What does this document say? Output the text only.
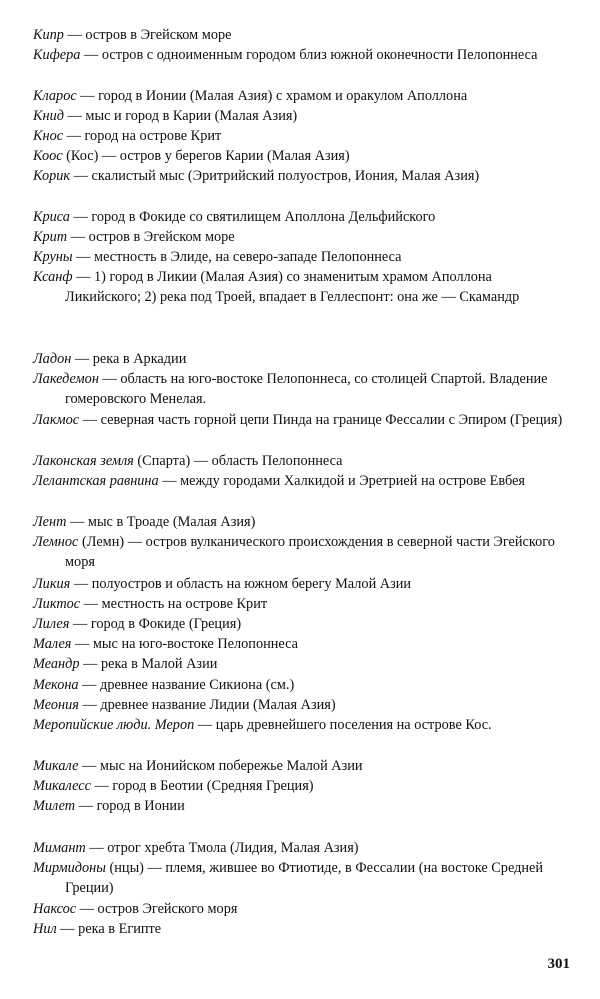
Кипр — остров в Эгейском море
Кифера — остров с одноименным городом близ южной оконечности Пелопоннеса
Кларос — город в Ионии (Малая Азия) с храмом и оракулом Аполлона
Книд — мыс и город в Карии (Малая Азия)
Кнос — город на острове Крит
Коос (Кос) — остров у берегов Карии (Малая Азия)
Корик — скалистый мыс (Эритрийский полуостров, Иония, Малая Азия)
Криса — город в Фокиде со святилищем Аполлона Дельфийского
Крит — остров в Эгейском море
Круны — местность в Элиде, на северо-западе Пелопоннеса
Ксанф — 1) город в Ликии (Малая Азия) со знаменитым храмом Аполлона Ликийского; 2) река под Троей, впадает в Геллеспонт: она же — Скамандр
Ладон — река в Аркадии
Лакедемон — область на юго-востоке Пелопоннеса, со столицей Спартой. Владение гомеровского Менелая.
Лакмос — северная часть горной цепи Пинда на границе Фессалии с Эпиром (Греция)
Лаконская земля (Спарта) — область Пелопоннеса
Лелантская равнина — между городами Халкидой и Эретрией на острове Евбея
Лент — мыс в Троаде (Малая Азия)
Лемнос (Лемн) — остров вулканического происхождения в северной части Эгейского моря
Ликия — полуостров и область на южном берегу Малой Азии
Ликтос — местность на острове Крит
Лилея — город в Фокиде (Греция)
Малея — мыс на юго-востоке Пелопоннеса
Меандр — река в Малой Азии
Мекона — древнее название Сикиона (см.)
Меония — древнее название Лидии (Малая Азия)
Меропийские люди. Мероп — царь древнейшего поселения на острове Кос.
Микале — мыс на Ионийском побережье Малой Азии
Микалесс — город в Беотии (Средняя Греция)
Милет — город в Ионии
Мимант — отрог хребта Тмола (Лидия, Малая Азия)
Мирмидоны (нцы) — племя, жившее во Фтиотиде, в Фессалии (на востоке Средней Греции)
Наксос — остров Эгейского моря
Нил — река в Египте
301
